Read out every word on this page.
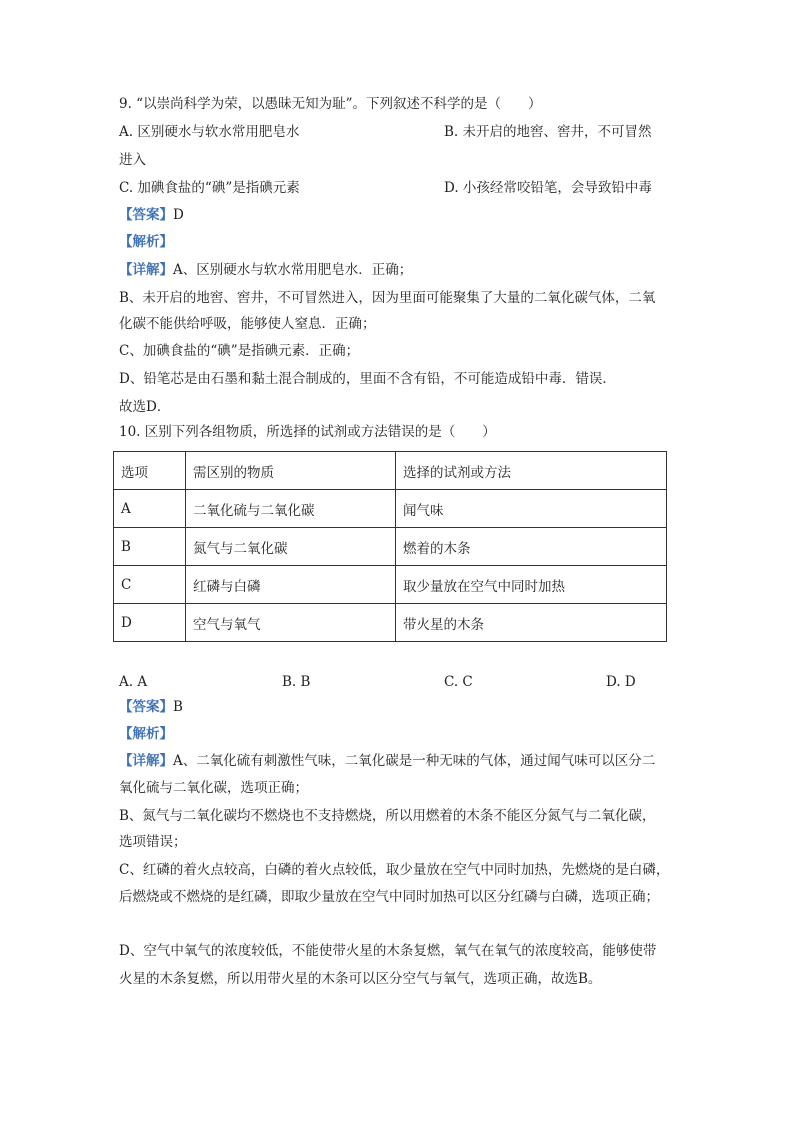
9. “以崇尚科学为荣，以愚昧无知为耻”。下列叙述不科学的是（　　）
A. 区别硬水与软水常用肥皂水	B. 未开启的地窖、窖井，不可冒然
进入
C. 加碘食盐的“碘”是指碘元素	D. 小孩经常咬铅笔，会导致铅中毒
【答案】D
【解析】
【详解】A、区别硬水与软水常用肥皂水．正确；
B、未开启的地窖、窖井，不可冒然进入，因为里面可能聚集了大量的二氧化碳气体，二氧
化碳不能供给呼吸，能够使人窒息．正确；
C、加碘食盐的“碘”是指碘元素．正确；
D、铅笔芯是由石墨和黏土混合制成的，里面不含有铅，不可能造成铅中毒．错误．
故选D．
10. 区别下列各组物质，所选择的试剂或方法错误的是（　　）
选项	需区别的物质	选择的试剂或方法
A	二氧化硫与二氧化碳	闻气味
B	氮气与二氧化碳	燃着的木条
C	红磷与白磷	取少量放在空气中同时加热
D	空气与氧气	带火星的木条
A. A	B. B	C. C	D. D
【答案】B
【解析】
【详解】A、二氧化硫有刺激性气味，二氧化碳是一种无味的气体，通过闻气味可以区分二
氧化硫与二氧化碳，选项正确；
B、氮气与二氧化碳均不燃烧也不支持燃烧，所以用燃着的木条不能区分氮气与二氧化碳，
选项错误；
C、红磷的着火点较高，白磷的着火点较低，取少量放在空气中同时加热，先燃烧的是白磷，
后燃烧或不燃烧的是红磷，即取少量放在空气中同时加热可以区分红磷与白磷，选项正确；
D、空气中氧气的浓度较低，不能使带火星的木条复燃，氧气在氧气的浓度较高，能够使带
火星的木条复燃，所以用带火星的木条可以区分空气与氧气，选项正确，故选B。
